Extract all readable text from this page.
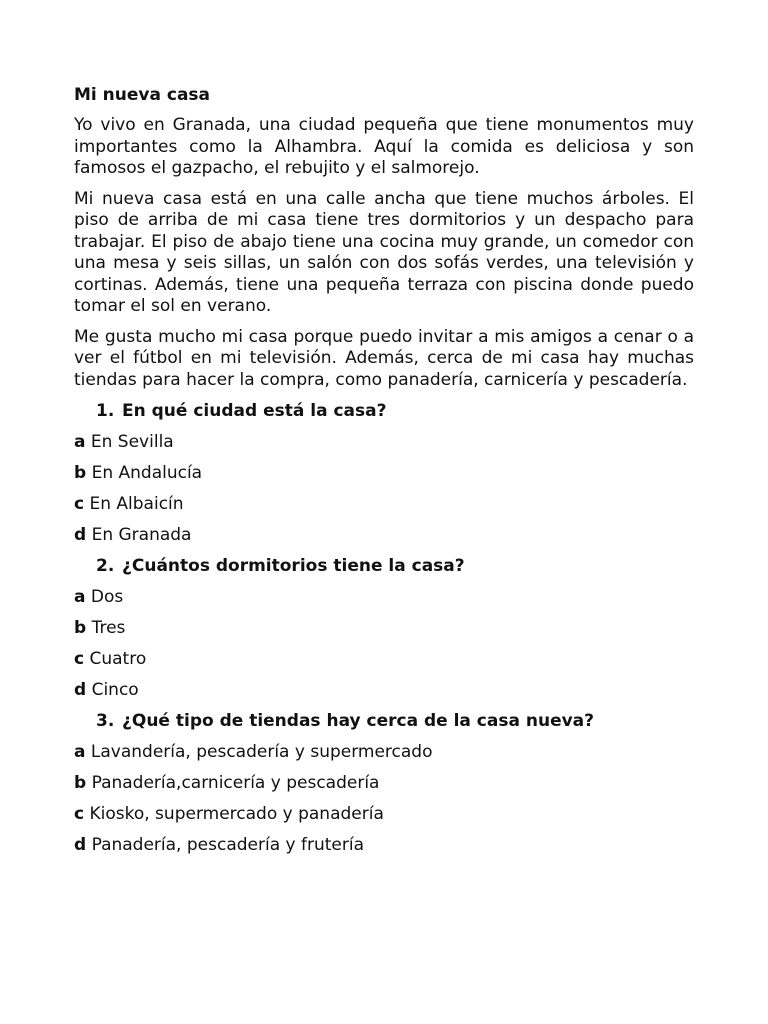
Mi nueva casa

Yo vivo en Granada, una ciudad pequeña que tiene monumentos muy importantes como la Alhambra. Aquí la comida es deliciosa y son famosos el gazpacho, el rebujito y el salmorejo.

Mi nueva casa está en una calle ancha que tiene muchos árboles. El piso de arriba de mi casa tiene tres dormitorios y un despacho para trabajar. El piso de abajo tiene una cocina muy grande, un comedor con una mesa y seis sillas, un salón con dos sofás verdes, una televisión y cortinas. Además, tiene una pequeña terraza con piscina donde puedo tomar el sol en verano.

Me gusta mucho mi casa porque puedo invitar a mis amigos a cenar o a ver el fútbol en mi televisión. Además, cerca de mi casa hay muchas tiendas para hacer la compra, como panadería, carnicería y pescadería.

1. En qué ciudad está la casa?
a En Sevilla
b En Andalucía
c En Albaicín
d En Granada
2. ¿Cuántos dormitorios tiene la casa?
a Dos
b Tres
c Cuatro
d Cinco
3. ¿Qué tipo de tiendas hay cerca de la casa nueva?
a Lavandería, pescadería y supermercado
b Panadería,carnicería y pescadería
c Kiosko, supermercado y panadería
d Panadería, pescadería y frutería
